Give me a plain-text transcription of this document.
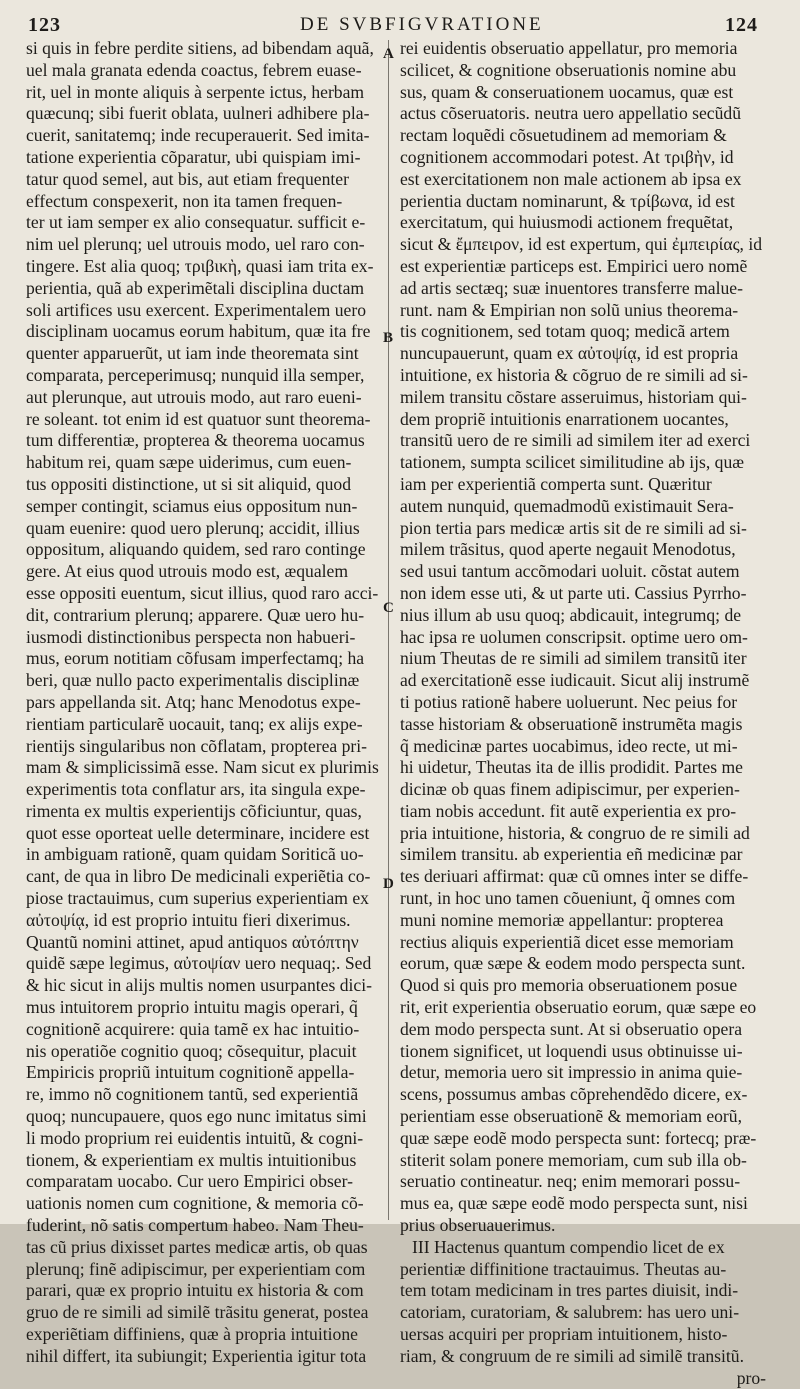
123	DE SVBFIGVRATIONE	124
A
B
C
D
si quis in febre perdite sitiens, ad bibendam aquã,
uel mala granata edenda coactus, febrem euase-
rit, uel in monte aliquis à serpente ictus, herbam
quæcunq; sibi fuerit oblata, uulneri adhibere pla-
cuerit, sanitatemq; inde recuperauerit. Sed imita-
tatione experientia cõparatur, ubi quispiam imi-
tatur quod semel, aut bis, aut etiam frequenter
effectum conspexerit, non ita tamen frequen-
ter ut iam semper ex alio consequatur. sufficit e-
nim uel plerunq; uel utrouis modo, uel raro con-
tingere. Est alia quoq; τριβικὴ, quasi iam trita ex-
perientia, quã ab experimẽtali disciplina ductam
soli artifices usu exercent. Experimentalem uero
disciplinam uocamus eorum habitum, quæ ita fre
quenter apparuerũt, ut iam inde theoremata sint
comparata, perceperimusq; nunquid illa semper,
aut plerunque, aut utrouis modo, aut raro eueni-
re soleant. tot enim id est quatuor sunt theorema-
tum differentiæ, propterea & theorema uocamus
habitum rei, quam sæpe uiderimus, cum euen-
tus oppositi distinctione, ut si sit aliquid, quod
semper contingit, sciamus eius oppositum nun-
quam euenire: quod uero plerunq; accidit, illius
oppositum, aliquando quidem, sed raro continge
gere. At eius quod utrouis modo est, æqualem
esse oppositi euentum, sicut illius, quod raro acci-
dit, contrarium plerunq; apparere. Quæ uero hu-
iusmodi distinctionibus perspecta non habueri-
mus, eorum notitiam cõfusam imperfectamq; ha
beri, quæ nullo pacto experimentalis disciplinæ
pars appellanda sit. Atq; hanc Menodotus expe-
rientiam particularẽ uocauit, tanq; ex alijs expe-
rientijs singularibus non cõflatam, propterea pri-
mam & simplicissimã esse. Nam sicut ex plurimis
experimentis tota conflatur ars, ita singula expe-
rimenta ex multis experientijs cõficiuntur, quas,
quot esse oporteat uelle determinare, incidere est
in ambiguam rationẽ, quam quidam Soriticã uo-
cant, de qua in libro De medicinali experiẽtia co-
piose tractauimus, cum superius experientiam ex
αὐτοψίᾳ, id est proprio intuitu fieri dixerimus.
Quantũ nomini attinet, apud antiquos αὐτόπτην
quidẽ sæpe legimus, αὐτοψίαν uero nequaq;. Sed
& hic sicut in alijs multis nomen usurpantes dici-
mus intuitorem proprio intuitu magis operari, q̃
cognitionẽ acquirere: quia tamẽ ex hac intuitio-
nis operatiõe cognitio quoq; cõsequitur, placuit
Empiricis propriũ intuitum cognitionẽ appella-
re, immo nõ cognitionem tantũ, sed experientiã
quoq; nuncupauere, quos ego nunc imitatus simi
li modo proprium rei euidentis intuitũ, & cogni-
tionem, & experientiam ex multis intuitionibus
comparatam uocabo. Cur uero Empirici obser-
uationis nomen cum cognitione, & memoria cõ-
fuderint, nõ satis compertum habeo. Nam Theu-
tas cũ prius dixisset partes medicæ artis, ob quas
plerunq; finẽ adipiscimur, per experientiam com
parari, quæ ex proprio intuitu ex historia & com
gruo de re simili ad similẽ trãsitu generat, postea
experiẽtiam diffiniens, quæ à propria intuitione
nihil differt, ita subiungit; Experientia igitur tota
rei euidentis obseruatio appellatur, pro memoria
scilicet, & cognitione obseruationis nomine abu
sus, quam & conseruationem uocamus, quæ est
actus cõseruatoris. neutra uero appellatio secũdũ
rectam loquẽdi cõsuetudinem ad memoriam &
cognitionem accommodari potest. At τριβὴν, id
est exercitationem non male actionem ab ipsa ex
perientia ductam nominarunt, & τρίβωνα, id est
exercitatum, qui huiusmodi actionem frequẽtat,
sicut & ἔμπειρον, id est expertum, qui ἐμπειρίας, id
est experientiæ particeps est. Empirici uero nomẽ
ad artis sectæq; suæ inuentores transferre malue-
runt. nam & Empirian non solũ unius theorema-
tis cognitionem, sed totam quoq; medicã artem
nuncupauerunt, quam ex αὐτοψίᾳ, id est propria
intuitione, ex historia & cõgruo de re simili ad si-
milem transitu cõstare asseruimus, historiam qui-
dem propriẽ intuitionis enarrationem uocantes,
transitũ uero de re simili ad similem iter ad exerci
tationem, sumpta scilicet similitudine ab ijs, quæ
iam per experientiã comperta sunt. Quæritur
autem nunquid, quemadmodũ existimauit Sera-
pion tertia pars medicæ artis sit de re simili ad si-
milem trãsitus, quod aperte negauit Menodotus,
sed usui tantum accõmodari uoluit. cõstat autem
non idem esse uti, & ut parte uti. Cassius Pyrrho-
nius illum ab usu quoq; abdicauit, integrumq; de
hac ipsa re uolumen conscripsit. optime uero om-
nium Theutas de re simili ad similem transitũ iter
ad exercitationẽ esse iudicauit. Sicut alij instrumẽ
ti potius rationẽ habere uoluerunt. Nec peius for
tasse historiam & obseruationẽ instrumẽta magis
q̃ medicinæ partes uocabimus, ideo recte, ut mi-
hi uidetur, Theutas ita de illis prodidit. Partes me
dicinæ ob quas finem adipiscimur, per experien-
tiam nobis accedunt. fit autẽ experientia ex pro-
pria intuitione, historia, & congruo de re simili ad
similem transitu. ab experientia eñ medicinæ par
tes deriuari affirmat: quæ cũ omnes inter se diffe-
runt, in hoc uno tamen cõueniunt, q̃ omnes com
muni nomine memoriæ appellantur: propterea
rectius aliquis experientiã dicet esse memoriam
eorum, quæ sæpe & eodem modo perspecta sunt.
Quod si quis pro memoria obseruationem posue
rit, erit experientia obseruatio eorum, quæ sæpe eo
dem modo perspecta sunt. At si obseruatio opera
tionem significet, ut loquendi usus obtinuisse ui-
detur, memoria uero sit impressio in anima quie-
scens, possumus ambas cõprehendẽdo dicere, ex-
perientiam esse obseruationẽ & memoriam eorũ,
quæ sæpe eodẽ modo perspecta sunt: fortecq; præ-
stiterit solam ponere memoriam, cum sub illa ob-
seruatio contineatur. neq; enim memorari possu-
mus ea, quæ sæpe eodẽ modo perspecta sunt, nisi
prius obseruauerimus.
III Hactenus quantum compendio licet de ex
perientiæ diffinitione tractauimus. Theutas au-
tem totam medicinam in tres partes diuisit, indi-
catoriam, curatoriam, & salubrem: has uero uni-
uersas acquiri per propriam intuitionem, histo-
riam, & congruum de re simili ad similẽ transitũ.
pro-
